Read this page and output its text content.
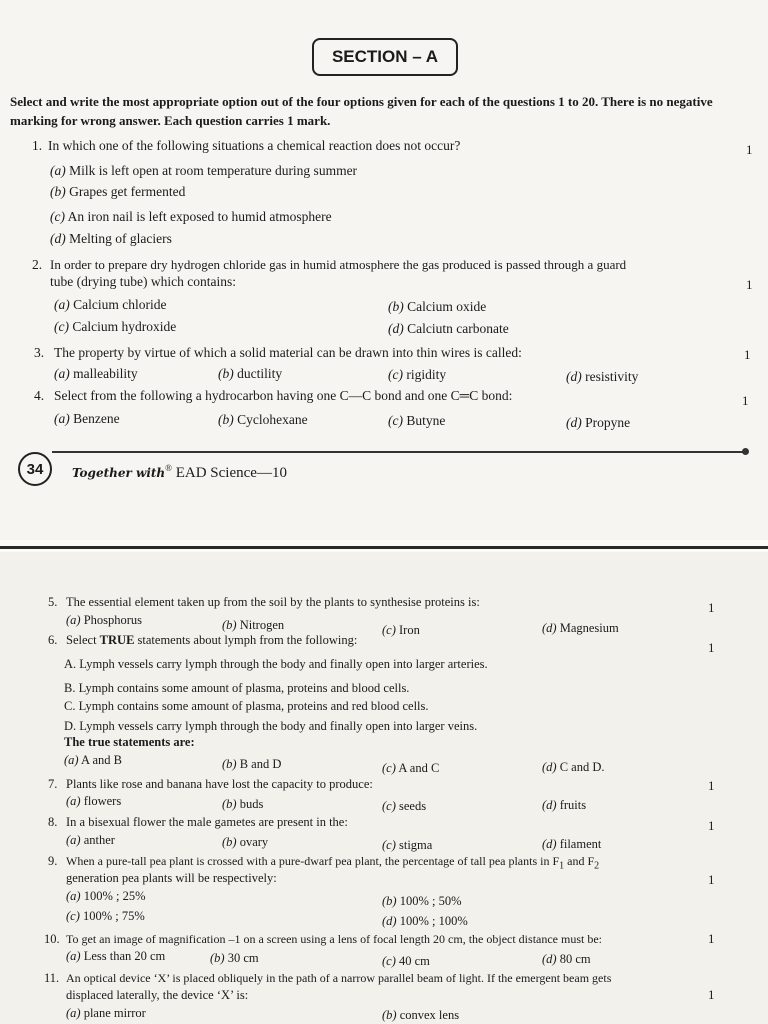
SECTION – A
Select and write the most appropriate option out of the four options given for each of the questions 1 to 20. There is no negative marking for wrong answer. Each question carries 1 mark.
1. In which one of the following situations a chemical reaction does not occur?	1
(a) Milk is left open at room temperature during summer
(b) Grapes get fermented
(c) An iron nail is left exposed to humid atmosphere
(d) Melting of glaciers
2. In order to prepare dry hydrogen chloride gas in humid atmosphere the gas produced is passed through a guard
tube (drying tube) which contains:	1
(a) Calcium chloride	(b) Calcium oxide
(c) Calcium hydroxide	(d) Calciutn carbonate
3. The property by virtue of which a solid material can be drawn into thin wires is called:	1
(a) malleability	(b) ductility	(c) rigidity	(d) resistivity
4. Select from the following a hydrocarbon having one C—C bond and one C═C bond:	1
(a) Benzene	(b) Cyclohexane	(c) Butyne	(d) Propyne
34	Together with® EAD Science—10
5. The essential element taken up from the soil by the plants to synthesise proteins is:	1
(a) Phosphorus	(b) Nitrogen	(c) Iron	(d) Magnesium
6. Select TRUE statements about lymph from the following:	1
A. Lymph vessels carry lymph through the body and finally open into larger arteries.
B. Lymph contains some amount of plasma, proteins and blood cells.
C. Lymph contains some amount of plasma, proteins and red blood cells.
D. Lymph vessels carry lymph through the body and finally open into larger veins.
The true statements are:
(a) A and B	(b) B and D	(c) A and C	(d) C and D.
7. Plants like rose and banana have lost the capacity to produce:	1
(a) flowers	(b) buds	(c) seeds	(d) fruits
8. In a bisexual flower the male gametes are present in the:	1
(a) anther	(b) ovary	(c) stigma	(d) filament
9. When a pure-tall pea plant is crossed with a pure-dwarf pea plant, the percentage of tall pea plants in $F_1$ and $F_2$
generation pea plants will be respectively:	1
(a) 100% ; 25%	(b) 100% ; 50%
(c) 100% ; 75%	(d) 100% ; 100%
10. To get an image of magnification –1 on a screen using a lens of focal length 20 cm, the object distance must be:	1
(a) Less than 20 cm	(b) 30 cm	(c) 40 cm	(d) 80 cm
11. An optical device ‘X’ is placed obliquely in the path of a narrow parallel beam of light. If the emergent beam gets
displaced laterally, the device ‘X’ is:	1
(a) plane mirror	(b) convex lens
